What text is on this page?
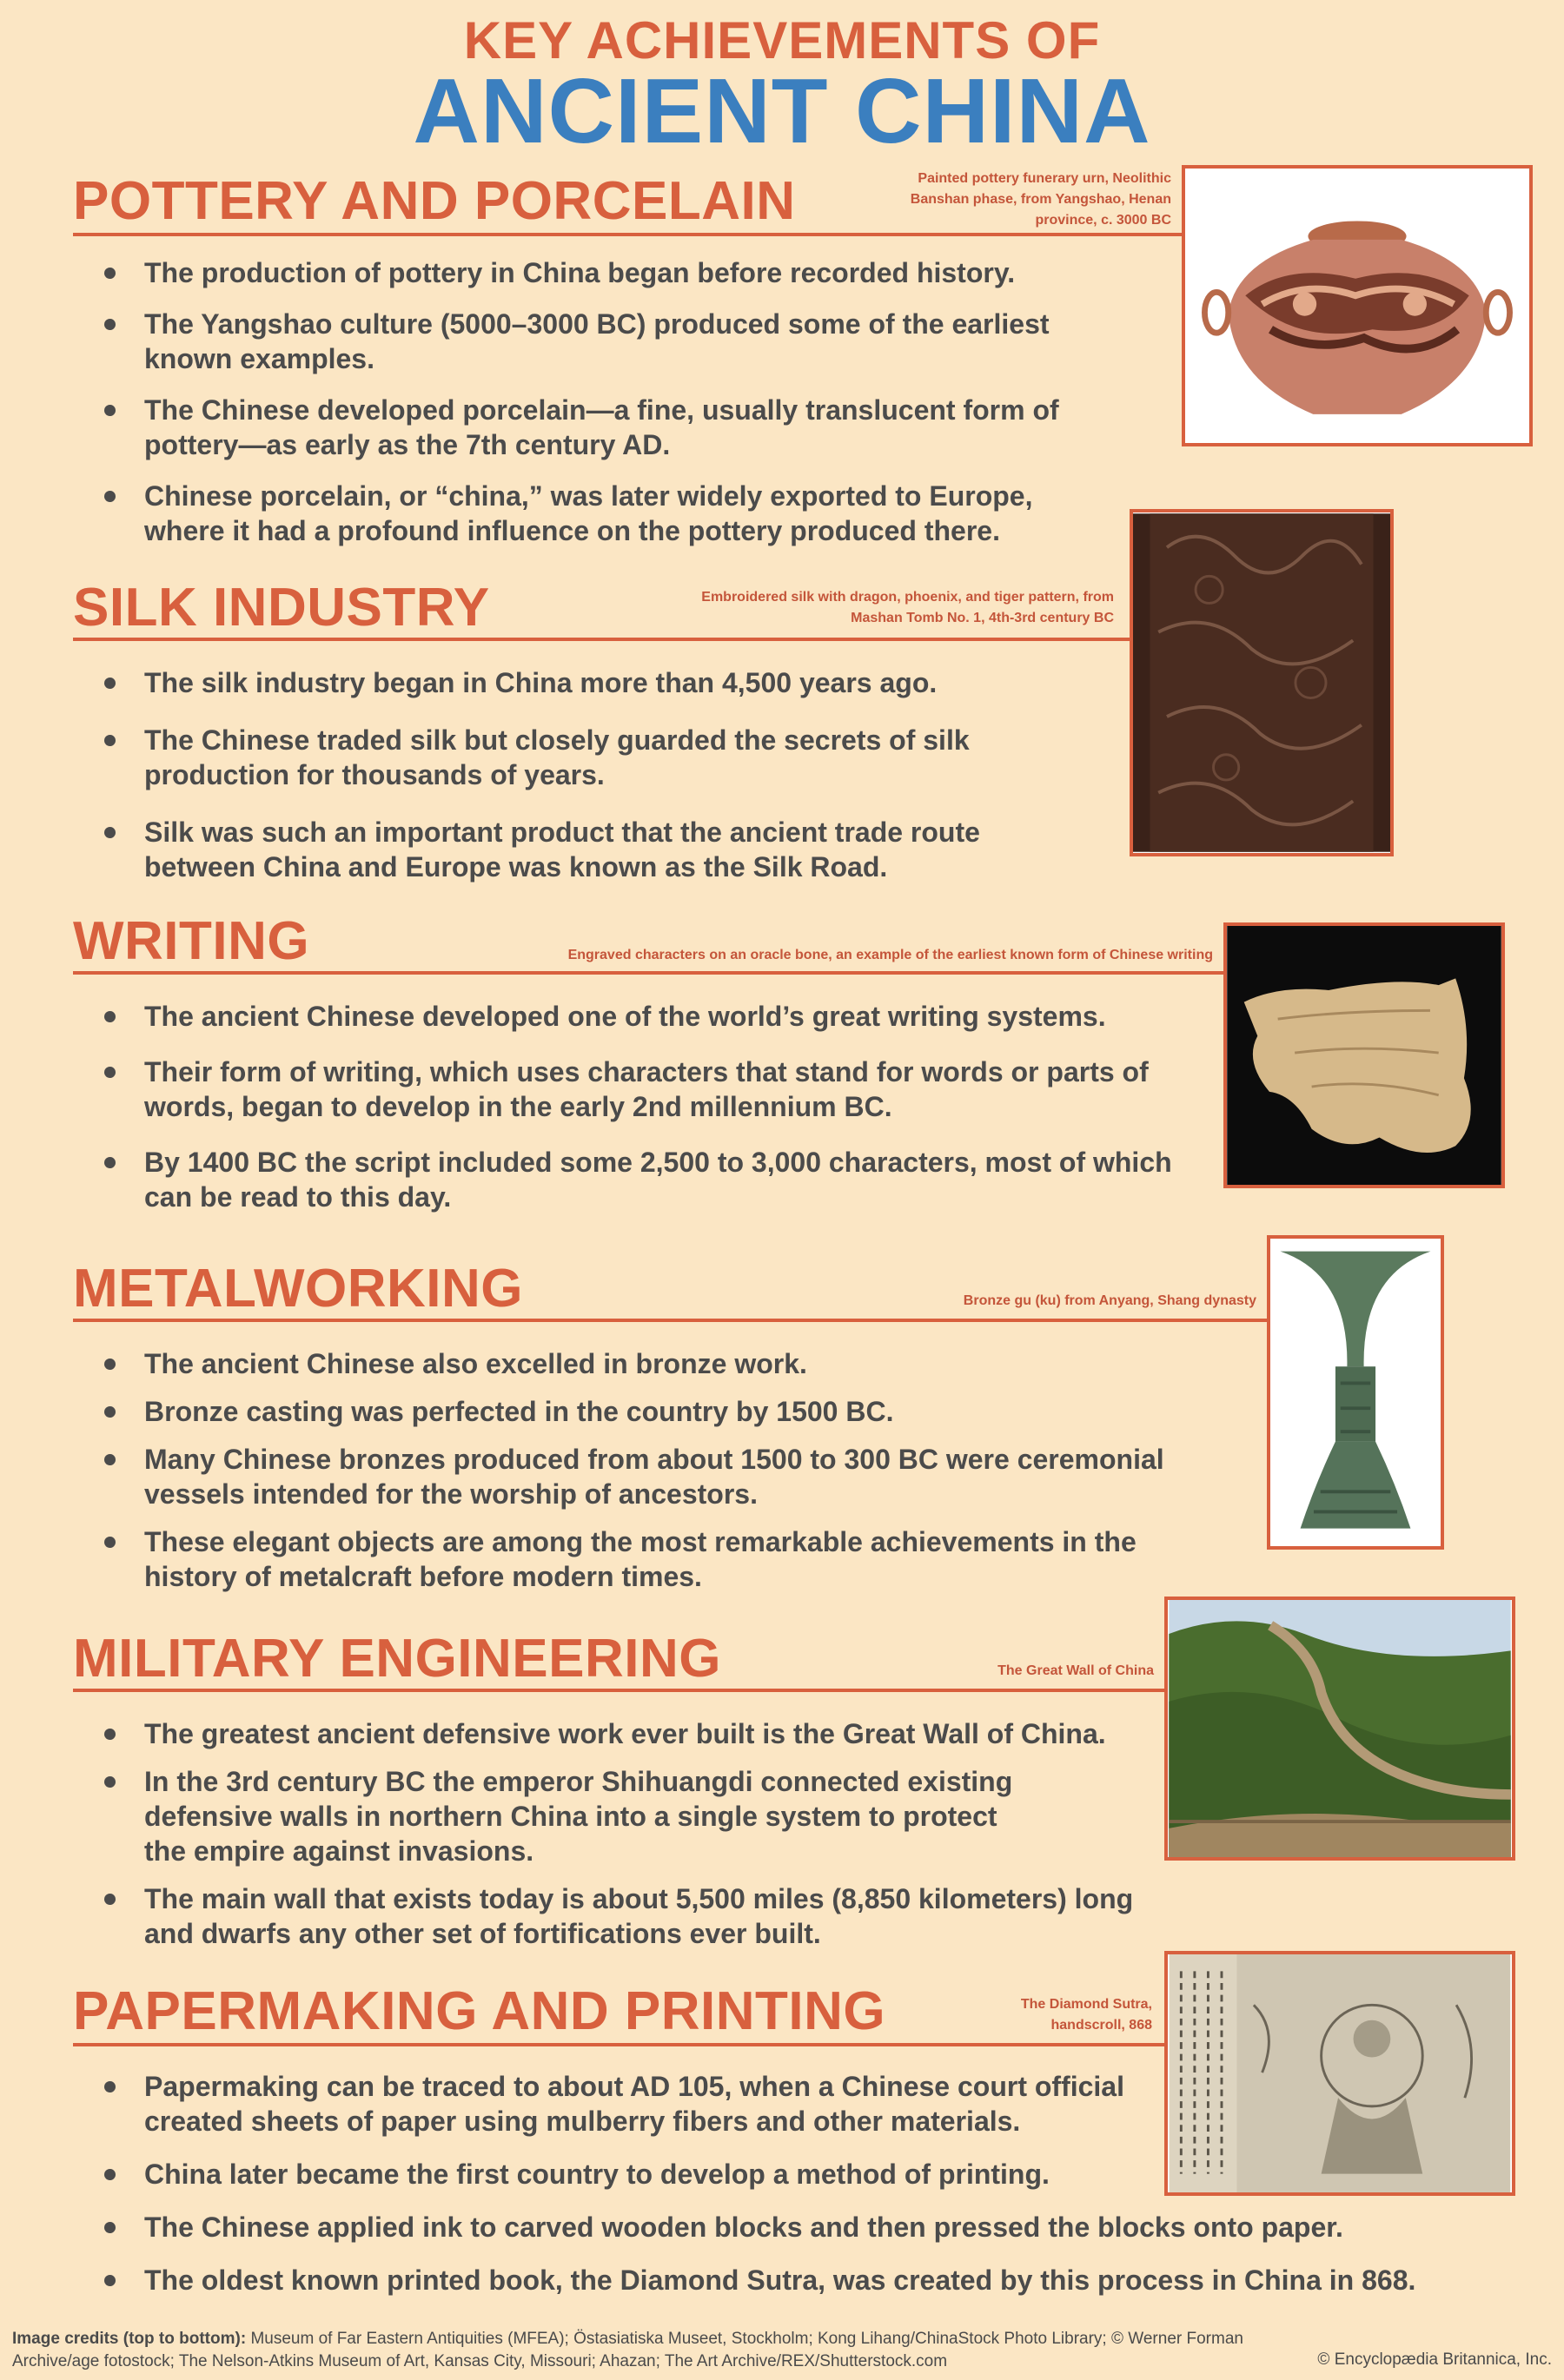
KEY ACHIEVEMENTS OF
ANCIENT CHINA
POTTERY AND PORCELAIN	Painted pottery funerary urn, Neolithic Banshan phase, from Yangshao, Henan province, c. 3000 BC
The production of pottery in China began before recorded history.
The Yangshao culture (5000–3000 BC) produced some of the earliest known examples.
The Chinese developed porcelain—a fine, usually translucent form of pottery—as early as the 7th century AD.
Chinese porcelain, or “china,” was later widely exported to Europe, where it had a profound influence on the pottery produced there.
SILK INDUSTRY	Embroidered silk with dragon, phoenix, and tiger pattern, from Mashan Tomb No. 1, 4th-3rd century BC
The silk industry began in China more than 4,500 years ago.
The Chinese traded silk but closely guarded the secrets of silk production for thousands of years.
Silk was such an important product that the ancient trade route between China and Europe was known as the Silk Road.
WRITING	Engraved characters on an oracle bone, an example of the earliest known form of Chinese writing
The ancient Chinese developed one of the world’s great writing systems.
Their form of writing, which uses characters that stand for words or parts of words, began to develop in the early 2nd millennium BC.
By 1400 BC the script included some 2,500 to 3,000 characters, most of which can be read to this day.
METALWORKING	Bronze gu (ku) from Anyang, Shang dynasty
The ancient Chinese also excelled in bronze work.
Bronze casting was perfected in the country by 1500 BC.
Many Chinese bronzes produced from about 1500 to 300 BC were ceremonial vessels intended for the worship of ancestors.
These elegant objects are among the most remarkable achievements in the history of metalcraft before modern times.
MILITARY ENGINEERING	The Great Wall of China
The greatest ancient defensive work ever built is the Great Wall of China.
In the 3rd century BC the emperor Shihuangdi connected existing defensive walls in northern China into a single system to protect the empire against invasions.
The main wall that exists today is about 5,500 miles (8,850 kilometers) long and dwarfs any other set of fortifications ever built.
PAPERMAKING AND PRINTING	The Diamond Sutra, handscroll, 868
Papermaking can be traced to about AD 105, when a Chinese court official created sheets of paper using mulberry fibers and other materials.
China later became the first country to develop a method of printing.
The Chinese applied ink to carved wooden blocks and then pressed the blocks onto paper.
The oldest known printed book, the Diamond Sutra, was created by this process in China in 868.
Image credits (top to bottom): Museum of Far Eastern Antiquities (MFEA); Östasiatiska Museet, Stockholm; Kong Lihang/ChinaStock Photo Library; © Werner Forman Archive/age fotostock; The Nelson-Atkins Museum of Art, Kansas City, Missouri; Ahazan; The Art Archive/REX/Shutterstock.com	© Encyclopædia Britannica, Inc.
